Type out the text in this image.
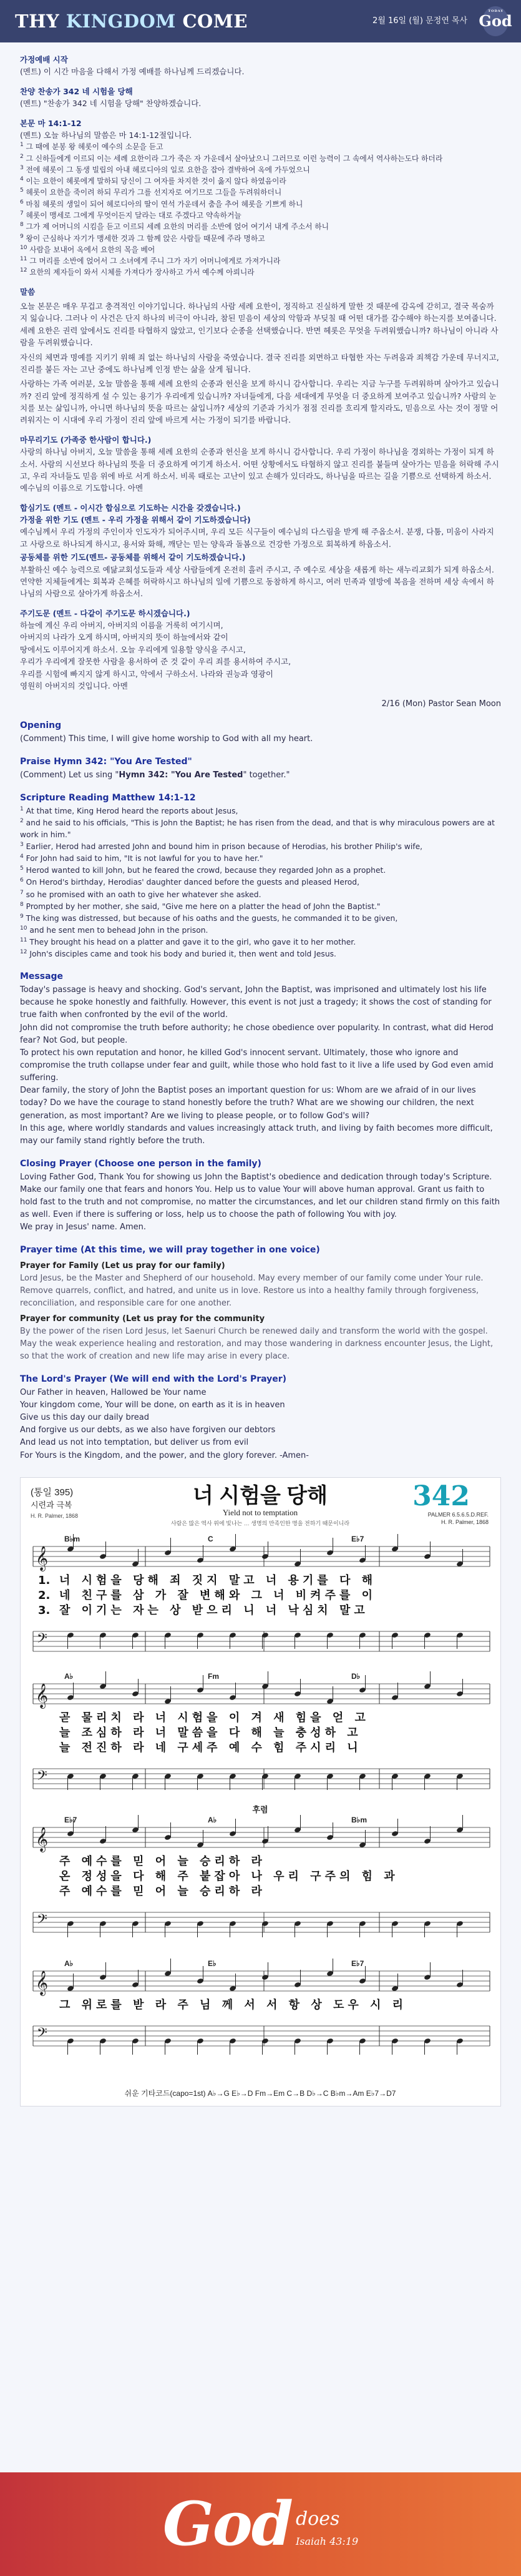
THY KINGDOM COME	2월 16일 (월) 문정연 목사 God
TODAY
가정예배 시작
(멘트) 이 시간 마음을 다해서 가정 예배를 하나님께 드리겠습니다.
찬양 찬송가 342 네 시험을 당해
(멘트) "찬송가 342 네 시험을 당해" 찬양하겠습니다.
본문 마 14:1-12
(멘트) 오늘 하나님의 말씀은 마 14:1-12절입니다.
$^1$ 그 때에 분봉 왕 헤롯이 예수의 소문을 듣고
$^2$ 그 신하들에게 이르되 이는 세례 요한이라 그가 죽은 자 가운데서 살아났으니 그러므로 이런 능력이 그 속에서 역사하는도다 하더라
$^3$ 전에 헤롯이 그 동생 빌립의 아내 헤로디아의 일로 요한을 잡아 결박하여 옥에 가두었으니
$^4$ 이는 요한이 헤롯에게 말하되 당신이 그 여자를 차지한 것이 옳지 않다 하였음이라
$^5$ 헤롯이 요한을 죽이려 하되 무리가 그를 선지자로 여기므로 그들을 두려워하더니
$^6$ 마침 헤롯의 생일이 되어 헤로디아의 딸이 연석 가운데서 춤을 추어 헤롯을 기쁘게 하니
$^7$ 헤롯이 맹세로 그에게 무엇이든지 달라는 대로 주겠다고 약속하거늘
$^8$ 그가 제 어머니의 시킴을 듣고 이르되 세례 요한의 머리를 소반에 얹어 여기서 내게 주소서 하니
$^9$ 왕이 근심하나 자기가 맹세한 것과 그 함께 앉은 사람들 때문에 주라 명하고
$^{10}$ 사람을 보내어 옥에서 요한의 목을 베어
$^{11}$ 그 머리를 소반에 얹어서 그 소녀에게 주니 그가 자기 어머니에게로 가져가니라
$^{12}$ 요한의 제자들이 와서 시체를 가져다가 장사하고 가서 예수께 아뢰니라
말씀
오늘 본문은 매우 무겁고 충격적인 이야기입니다. 하나님의 사람 세례 요한이, 정직하고 진실하게 말한 것 때문에 감옥에 갇히고, 결국 목숨까지 잃습니다. 그러나 이 사건은 단지 하나의 비극이 아니라, 참된 믿음이 세상의 악함과 부딪칠 때 어떤 대가를 감수해야 하는지를 보여줍니다. 세례 요한은 권력 앞에서도 진리를 타협하지 않았고, 인기보다 순종을 선택했습니다. 반면 헤롯은 무엇을 두려워했습니까? 하나님이 아니라 사람을 두려워했습니다.
자신의 체면과 명예를 지키기 위해 죄 없는 하나님의 사람을 죽였습니다. 결국 진리를 외면하고 타협한 자는 두려움과 죄책감 가운데 무너지고, 진리를 붙든 자는 고난 중에도 하나님께 인정 받는 삶을 살게 됩니다.
사랑하는 가족 여러분, 오늘 말씀을 통해 세례 요한의 순종과 헌신을 보게 하시니 감사합니다. 우리는 지금 누구를 두려워하며 살아가고 있습니까? 진리 앞에 정직하게 설 수 있는 용기가 우리에게 있습니까? 자녀들에게, 다음 세대에게 무엇을 더 중요하게 보여주고 있습니까? 사람의 눈치를 보는 삶입니까, 아니면 하나님의 뜻을 따르는 삶입니까? 세상의 기준과 가치가 점점 진리를 흐리게 할지라도, 믿음으로 사는 것이 정말 어려워지는 이 시대에 우리 가정이 진리 앞에 바르게 서는 가정이 되기를 바랍니다.
마무리기도 (가족중 한사람이 합니다.)
사랑의 하나님 아버지, 오늘 말씀을 통해 세례 요한의 순종과 헌신을 보게 하시니 감사합니다. 우리 가정이 하나님을 경외하는 가정이 되게 하소서. 사람의 시선보다 하나님의 뜻을 더 중요하게 여기게 하소서. 어떤 상황에서도 타협하지 않고 진리를 붙들며 살아가는 믿음을 허락해 주시고, 우리 자녀들도 믿음 위에 바로 서게 하소서. 비록 때로는 고난이 있고 손해가 있더라도, 하나님을 따르는 길을 기쁨으로 선택하게 하소서. 예수님의 이름으로 기도합니다. 아멘
합심기도 (멘트 - 이시간 합심으로 기도하는 시간을 갖겠습니다.)
가정을 위한 기도 (멘트 - 우리 가정을 위해서 같이 기도하겠습니다)
예수님께서 우리 가정의 주인이자 인도자가 되어주시며, 우리 모든 식구들이 예수님의 다스림을 받게 해 주옵소서. 분쟁, 다툼, 미움이 사라지고 사랑으로 하나되게 하시고, 용서와 화해, 깨닫는 믿는 양육과 돌봄으로 건강한 가정으로 회복하게 하옵소서.
공동체를 위한 기도(멘트- 공동체를 위해서 같이 기도하겠습니다.)
부활하신 예수 능력으로 예닮교회성도들과 세상 사람들에게 온전히 흘러 주시고, 주 예수로 세상을 새롭게 하는 새누리교회가 되게 하옵소서. 연약한 지체들에게는 회복과 은혜를 허락하시고 하나님의 일에 기쁨으로 동참하게 하시고, 여러 민족과 열방에 복음을 전하며 세상 속에서 하나님의 사람으로 살아가게 하옵소서.
주기도문 (멘트 - 다같이 주기도문 하시겠습니다.)
하늘에 계신 우리 아버지, 아버지의 이름을 거룩히 여기시며,
아버지의 나라가 오게 하시며, 아버지의 뜻이 하늘에서와 같이
땅에서도 이루어지게 하소서. 오늘 우리에게 일용할 양식을 주시고,
우리가 우리에게 잘못한 사람을 용서하여 준 것 같이 우리 죄를 용서하여 주시고,
우리를 시험에 빠지지 않게 하시고, 악에서 구하소서. 나라와 권능과 영광이
영원히 아버지의 것입니다. 아멘
2/16 (Mon) Pastor Sean Moon
Opening
(Comment) This time, I will give home worship to God with all my heart.
Praise Hymn 342: "You Are Tested"
(Comment) Let us sing "Hymn 342: "You Are Tested" together."
Scripture Reading Matthew 14:1-12
$^1$ At that time, King Herod heard the reports about Jesus,
$^2$ and he said to his officials, "This is John the Baptist; he has risen from the dead, and that is why miraculous powers are at work in him."
$^3$ Earlier, Herod had arrested John and bound him in prison because of Herodias, his brother Philip's wife,
$^4$ For John had said to him, "It is not lawful for you to have her."
$^5$ Herod wanted to kill John, but he feared the crowd, because they regarded John as a prophet.
$^6$ On Herod's birthday, Herodias' daughter danced before the guests and pleased Herod,
$^7$ so he promised with an oath to give her whatever she asked.
$^8$ Prompted by her mother, she said, "Give me here on a platter the head of John the Baptist."
$^9$ The king was distressed, but because of his oaths and the guests, he commanded it to be given,
$^{10}$ and he sent men to behead John in the prison.
$^{11}$ They brought his head on a platter and gave it to the girl, who gave it to her mother.
$^{12}$ John's disciples came and took his body and buried it, then went and told Jesus.
Message
Today's passage is heavy and shocking. God's servant, John the Baptist, was imprisoned and ultimately lost his life because he spoke honestly and faithfully. However, this event is not just a tragedy; it shows the cost of standing for true faith when confronted by the evil of the world.
John did not compromise the truth before authority; he chose obedience over popularity. In contrast, what did Herod fear? Not God, but people.
To protect his own reputation and honor, he killed God's innocent servant. Ultimately, those who ignore and compromise the truth collapse under fear and guilt, while those who hold fast to it live a life used by God even amid suffering.
Dear family, the story of John the Baptist poses an important question for us: Whom are we afraid of in our lives today? Do we have the courage to stand honestly before the truth? What are we showing our children, the next generation, as most important? Are we living to please people, or to follow God's will?
In this age, where worldly standards and values increasingly attack truth, and living by faith becomes more difficult, may our family stand rightly before the truth.
Closing Prayer (Choose one person in the family)
Loving Father God, Thank You for showing us John the Baptist's obedience and dedication through today's Scripture. Make our family one that fears and honors You. Help us to value Your will above human approval. Grant us faith to hold fast to the truth and not compromise, no matter the circumstances, and let our children stand firmly on this faith as well. Even if there is suffering or loss, help us to choose the path of following You with joy.
We pray in Jesus' name. Amen.
Prayer time (At this time, we will pray together in one voice)
Prayer for Family (Let us pray for our family)
Lord Jesus, be the Master and Shepherd of our household. May every member of our family come under Your rule. Remove quarrels, conflict, and hatred, and unite us in love. Restore us into a healthy family through forgiveness, reconciliation, and responsible care for one another.
Prayer for community (Let us pray for the community
By the power of the risen Lord Jesus, let Saenuri Church be renewed daily and transform the world with the gospel. May the weak experience healing and restoration, and may those wandering in darkness encounter Jesus, the Light, so that the work of creation and new life may arise in every place.
The Lord's Prayer (We will end with the Lord's Prayer)
Our Father in heaven, Hallowed be Your name
Your kingdom come, Your will be done, on earth as it is in heaven
Give us this day our daily bread
And forgive us our debts, as we also have forgiven our debtors
And lead us not into temptation, but deliver us from evil
For Yours is the Kingdom, and the power, and the glory forever. -Amen-
(통일 395)
시련과 극복
H. R. Palmer, 1868
너 시험을 당해
Yield not to temptation
사람은 많은 역사 위에 빛나는 … 생명의 만족인한 명을 전하기 때문이니라
342
PALMER 6.5.6.5.D.REF.
H. R. Palmer, 1868
𝄞
B♭m	C	E♭7
1. 너 시험을 당해 죄 짓지 말고 너 용기를 다 해
2. 네 친구를 삼 가 잘 변해와 그 너 비켜주를 이
3. 잘 이기는 자는 상 받으리 니 너 낙심치 말고
𝄢
𝄞
A♭	Fm	D♭
곧 물리치 라 너 시험을 이 겨 새 힘을 얻 고
늘 조심하 라 너 말씀을 다 해 늘 충성하 고
늘 전진하 라 네 구세주 예 수 힘 주시리 니
𝄢
𝄞
E♭7	A♭	B♭m
후렴
주 예수를 믿 어 늘 승리하 라
온 정성을 다 해 주 붙잡아 나 우리 구주의 힘 과
주 예수를 믿 어 늘 승리하 라
𝄢
𝄞
A♭	E♭	E♭7
그 위로를 받 라 주 님 께 서 서 항 상 도우 시 리
𝄢
쉬운 기타코드(capo=1st) A♭→G E♭→D Fm→Em C→B D♭→C B♭m→Am E♭7→D7
God does
Isaiah 43:19
